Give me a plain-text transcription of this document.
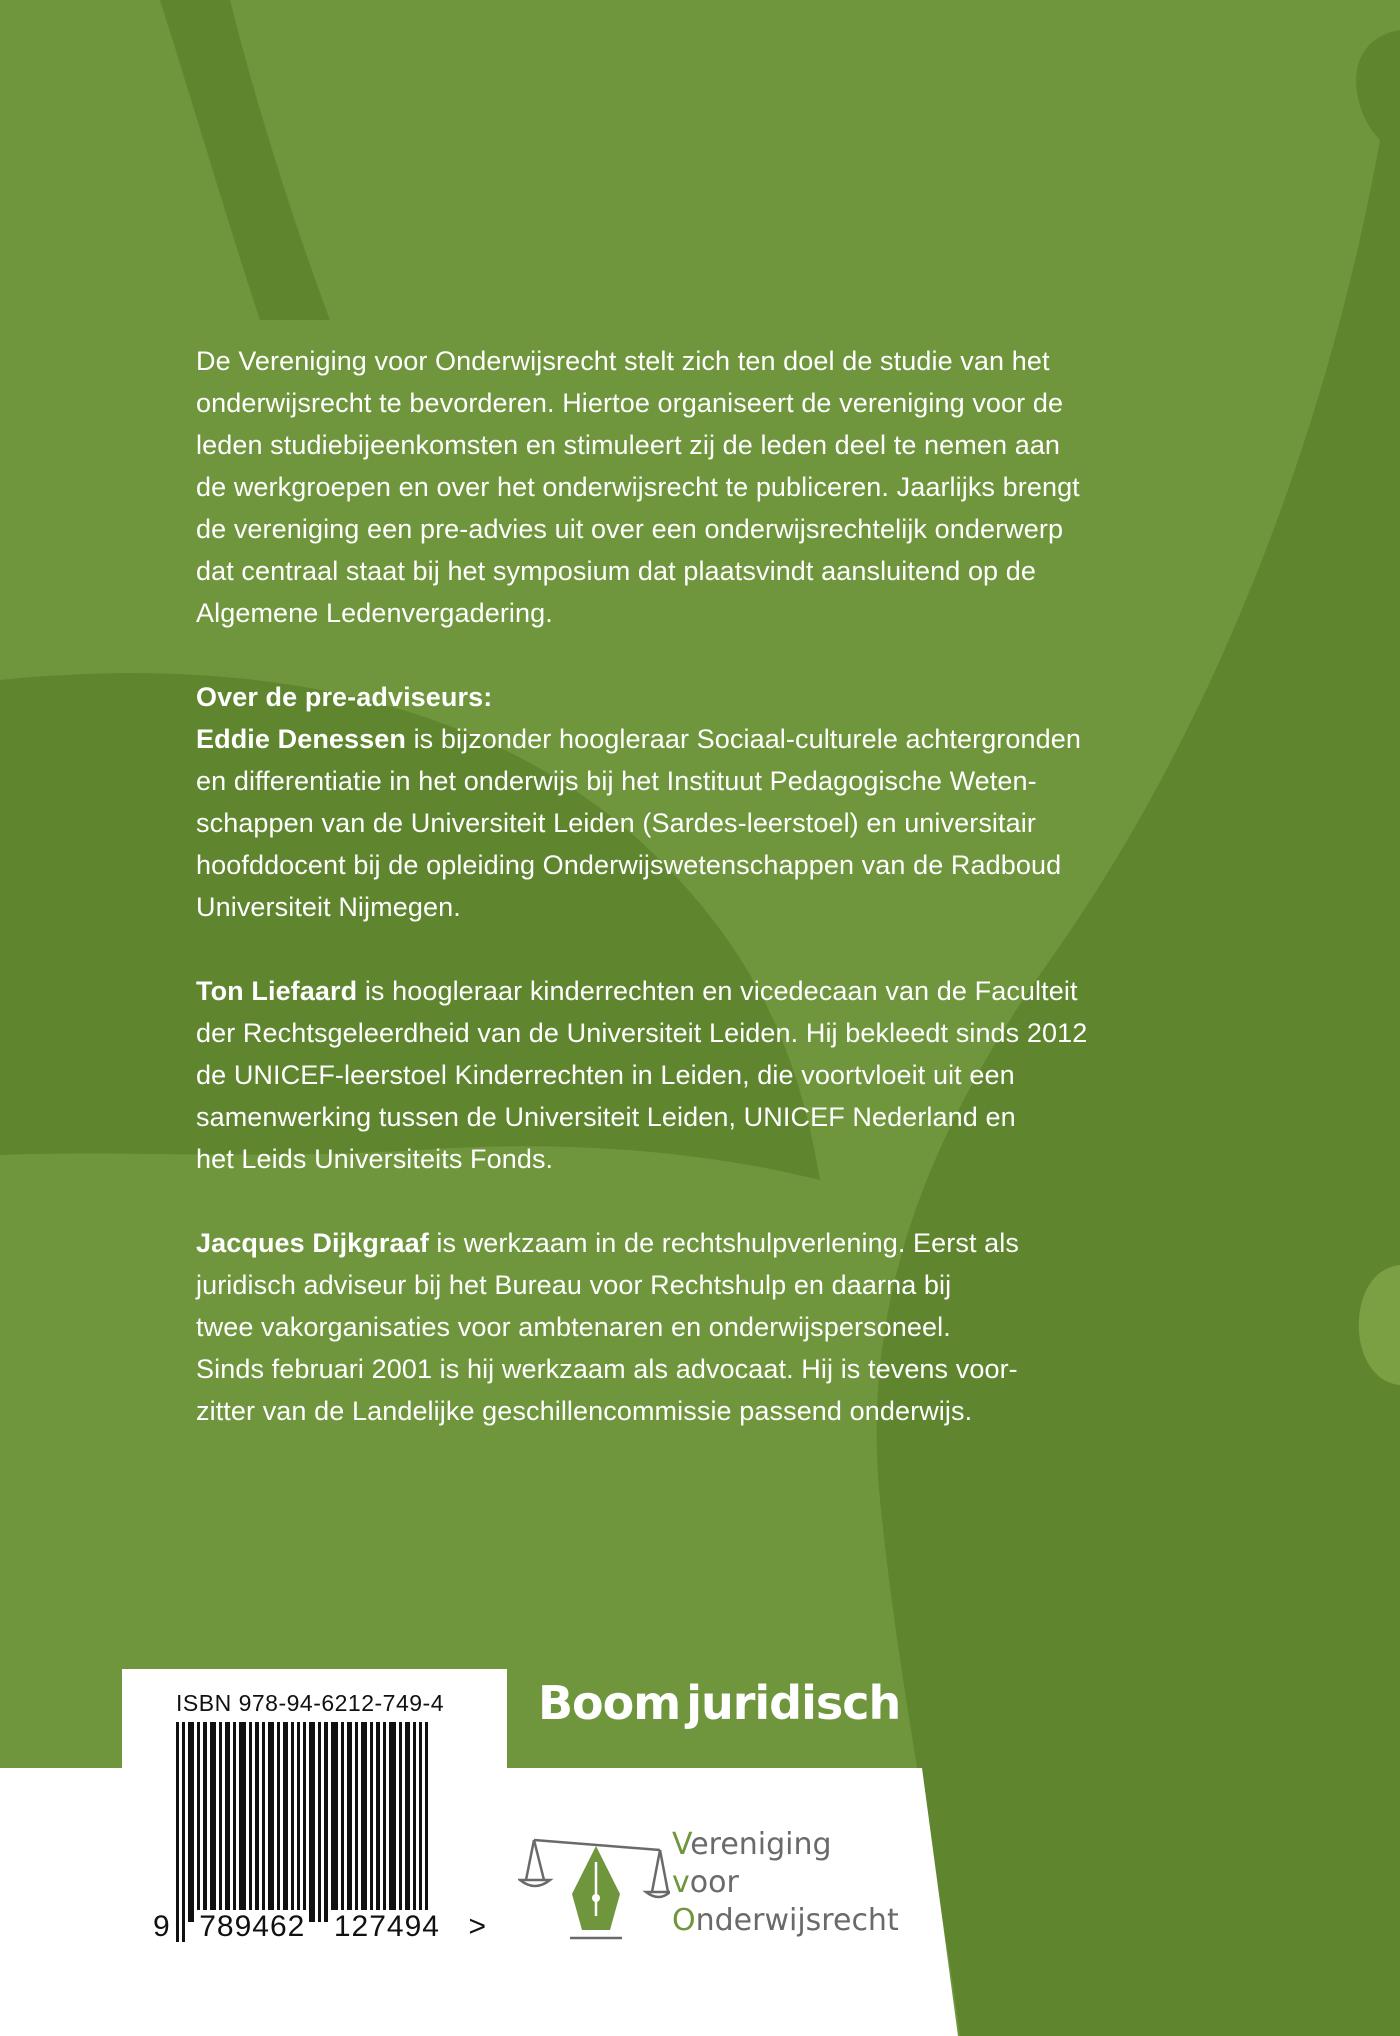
De Vereniging voor Onderwijsrecht stelt zich ten doel de studie van het
onderwijsrecht te bevorderen. Hiertoe organiseert de vereniging voor de
leden studiebijeenkomsten en stimuleert zij de leden deel te nemen aan
de werkgroepen en over het onderwijsrecht te publiceren. Jaarlijks brengt
de vereniging een pre-advies uit over een onderwijsrechtelijk onderwerp
dat centraal staat bij het symposium dat plaatsvindt aansluitend op de
Algemene Ledenvergadering.
Over de pre-adviseurs:
Eddie Denessen is bijzonder hoogleraar Sociaal-culturele achtergronden
en differentiatie in het onderwijs bij het Instituut Pedagogische Weten-
schappen van de Universiteit Leiden (Sardes-leerstoel) en universitair
hoofddocent bij de opleiding Onderwijswetenschappen van de Radboud
Universiteit Nijmegen.
Ton Liefaard is hoogleraar kinderrechten en vicedecaan van de Faculteit
der Rechtsgeleerdheid van de Universiteit Leiden. Hij bekleedt sinds 2012
de UNICEF-leerstoel Kinderrechten in Leiden, die voortvloeit uit een
samenwerking tussen de Universiteit Leiden, UNICEF Nederland en
het Leids Universiteits Fonds.
Jacques Dijkgraaf is werkzaam in de rechtshulpverlening. Eerst als
juridisch adviseur bij het Bureau voor Rechtshulp en daarna bij
twee vakorganisaties voor ambtenaren en onderwijspersoneel.
Sinds februari 2001 is hij werkzaam als advocaat. Hij is tevens voor-
zitter van de Landelijke geschillencommissie passend onderwijs.
ISBN 978-94-6212-749-4
9 789462 127494 >
Boom juridisch
Vereniging
voor
Onderwijsrecht
